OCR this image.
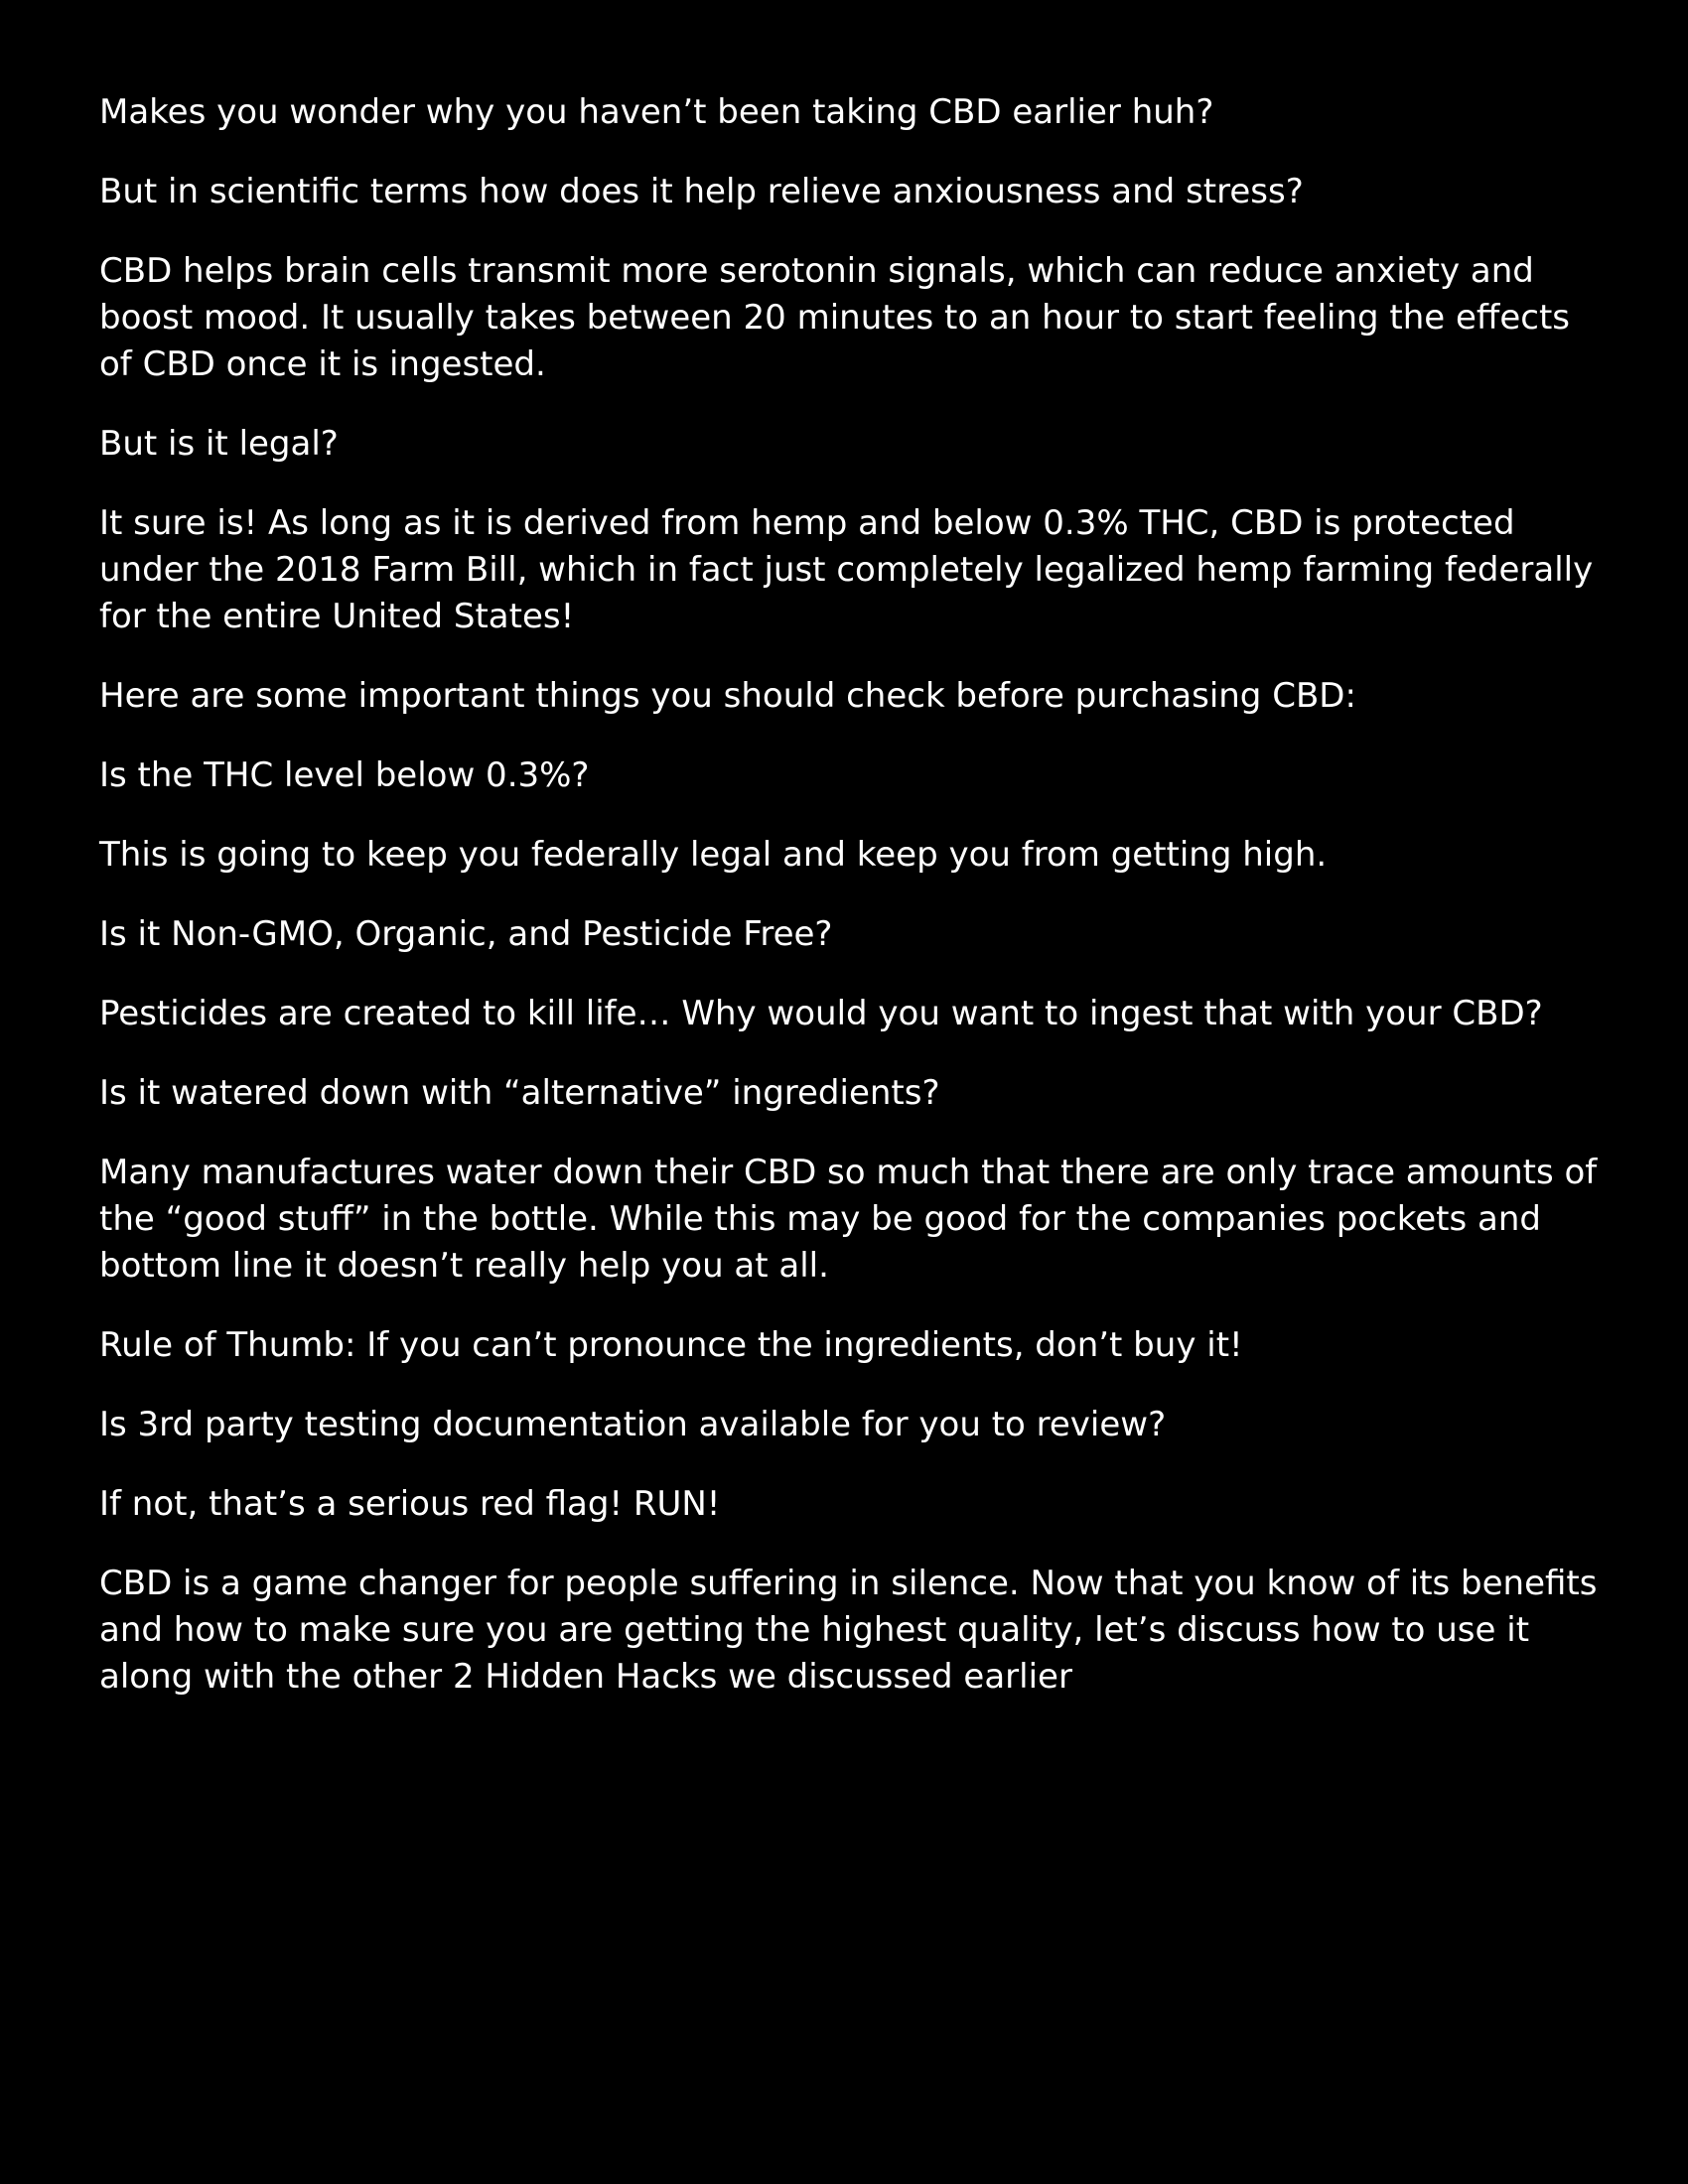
Makes you wonder why you haven’t been taking CBD earlier huh?

But in scientific terms how does it help relieve anxiousness and stress?

CBD helps brain cells transmit more serotonin signals, which can reduce anxiety and boost mood. It usually takes between 20 minutes to an hour to start feeling the effects of CBD once it is ingested.

But is it legal?

It sure is! As long as it is derived from hemp and below 0.3% THC, CBD is protected under the 2018 Farm Bill, which in fact just completely legalized hemp farming federally for the entire United States!

Here are some important things you should check before purchasing CBD:

Is the THC level below 0.3%?

This is going to keep you federally legal and keep you from getting high.

Is it Non-GMO, Organic, and Pesticide Free?

Pesticides are created to kill life… Why would you want to ingest that with your CBD?

Is it watered down with “alternative” ingredients?

Many manufactures water down their CBD so much that there are only trace amounts of the “good stuff” in the bottle. While this may be good for the companies pockets and bottom line it doesn’t really help you at all.

Rule of Thumb: If you can’t pronounce the ingredients, don’t buy it!

Is 3rd party testing documentation available for you to review?

If not, that’s a serious red flag! RUN!

CBD is a game changer for people suffering in silence. Now that you know of its benefits and how to make sure you are getting the highest quality, let’s discuss how to use it along with the other 2 Hidden Hacks we discussed earlier
